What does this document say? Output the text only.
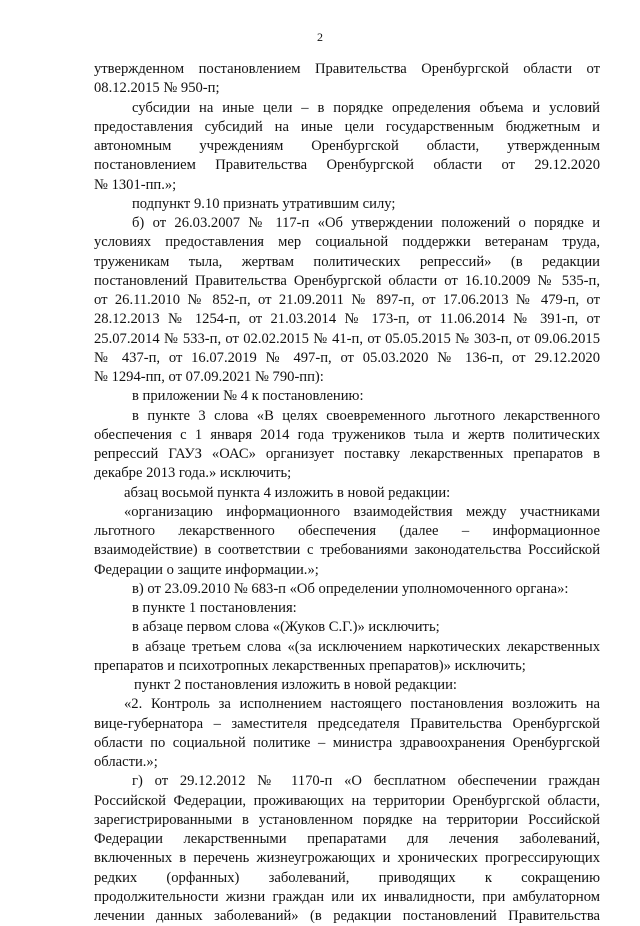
2
утвержденном постановлением Правительства Оренбургской области от
08.12.2015 № 950-п;
субсидии на иные цели – в порядке определения объема и условий
предоставления субсидий на иные цели государственным бюджетным и
автономным учреждениям Оренбургской области, утвержденным
постановлением Правительства Оренбургской области от 29.12.2020
№ 1301-пп.»;
подпункт 9.10 признать утратившим силу;
б) от 26.03.2007 № 117-п «Об утверждении положений о порядке и
условиях предоставления мер социальной поддержки ветеранам труда,
труженикам тыла, жертвам политических репрессий» (в редакции
постановлений Правительства Оренбургской области от 16.10.2009 № 535-п,
от 26.11.2010 № 852-п, от 21.09.2011 № 897-п, от 17.06.2013 № 479-п, от
28.12.2013 № 1254-п, от 21.03.2014 № 173-п, от 11.06.2014 № 391-п, от
25.07.2014 № 533-п, от 02.02.2015 № 41-п, от 05.05.2015 № 303-п, от 09.06.2015
№ 437-п, от 16.07.2019 № 497-п, от 05.03.2020 № 136-п, от 29.12.2020
№ 1294-пп, от 07.09.2021 № 790-пп):
в приложении № 4 к постановлению:
в пункте 3 слова «В целях своевременного льготного лекарственного
обеспечения с 1 января 2014 года тружеников тыла и жертв политических
репрессий ГАУЗ «ОАС» организует поставку лекарственных препаратов в
декабре 2013 года.» исключить;
абзац восьмой пункта 4 изложить в новой редакции:
«организацию информационного взаимодействия между участниками
льготного лекарственного обеспечения (далее – информационное
взаимодействие) в соответствии с требованиями законодательства Российской
Федерации о защите информации.»;
в) от 23.09.2010 № 683-п «Об определении уполномоченного органа»:
в пункте 1 постановления:
в абзаце первом слова «(Жуков С.Г.)» исключить;
в абзаце третьем слова «(за исключением наркотических лекарственных
препаратов и психотропных лекарственных препаратов)» исключить;
пункт 2 постановления изложить в новой редакции:
«2. Контроль за исполнением настоящего постановления возложить на
вице-губернатора – заместителя председателя Правительства Оренбургской
области по социальной политике – министра здравоохранения Оренбургской
области.»;
г) от 29.12.2012 № 1170-п «О бесплатном обеспечении граждан
Российской Федерации, проживающих на территории Оренбургской области,
зарегистрированными в установленном порядке на территории Российской
Федерации лекарственными препаратами для лечения заболеваний,
включенных в перечень жизнеугрожающих и хронических прогрессирующих
редких (орфанных) заболеваний, приводящих к сокращению
продолжительности жизни граждан или их инвалидности, при амбулаторном
лечении данных заболеваний» (в редакции постановлений Правительства
